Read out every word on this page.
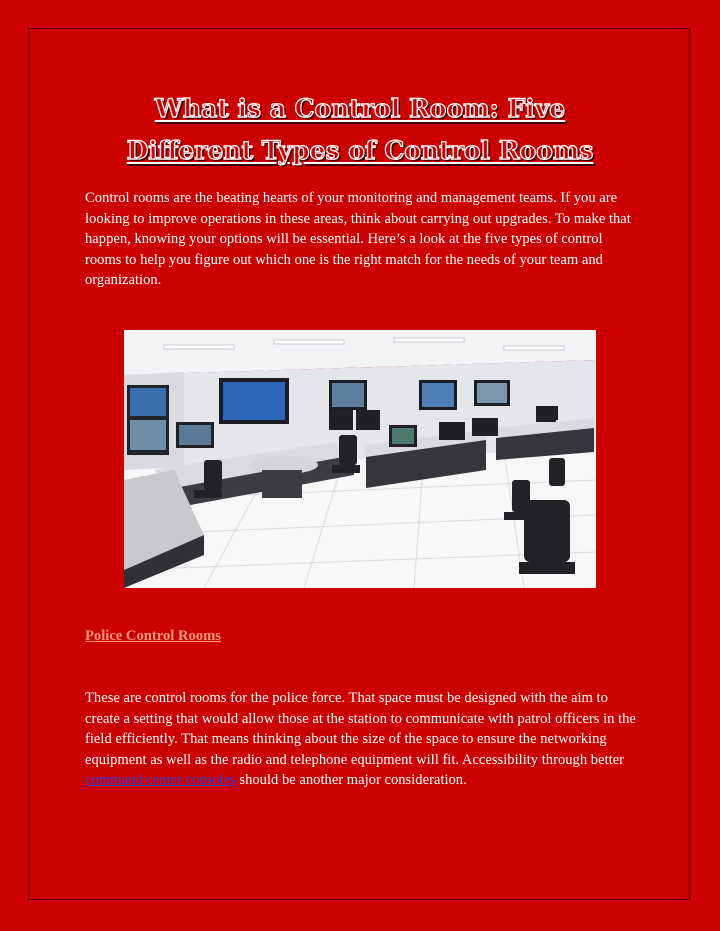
What is a Control Room: Five
Different Types of Control Rooms

Control rooms are the beating hearts of your monitoring and management teams. If you are looking to improve operations in these areas, think about carrying out upgrades. To make that happen, knowing your options will be essential. Here’s a look at the five types of control rooms to help you figure out which one is the right match for the needs of your team and organization.

Police Control Rooms

These are control rooms for the police force. That space must be designed with the aim to create a setting that would allow those at the station to communicate with patrol officers in the field efficiently. That means thinking about the size of the space to ensure the networking equipment as well as the radio and telephone equipment will fit. Accessibility through better command center consoles should be another major consideration.
